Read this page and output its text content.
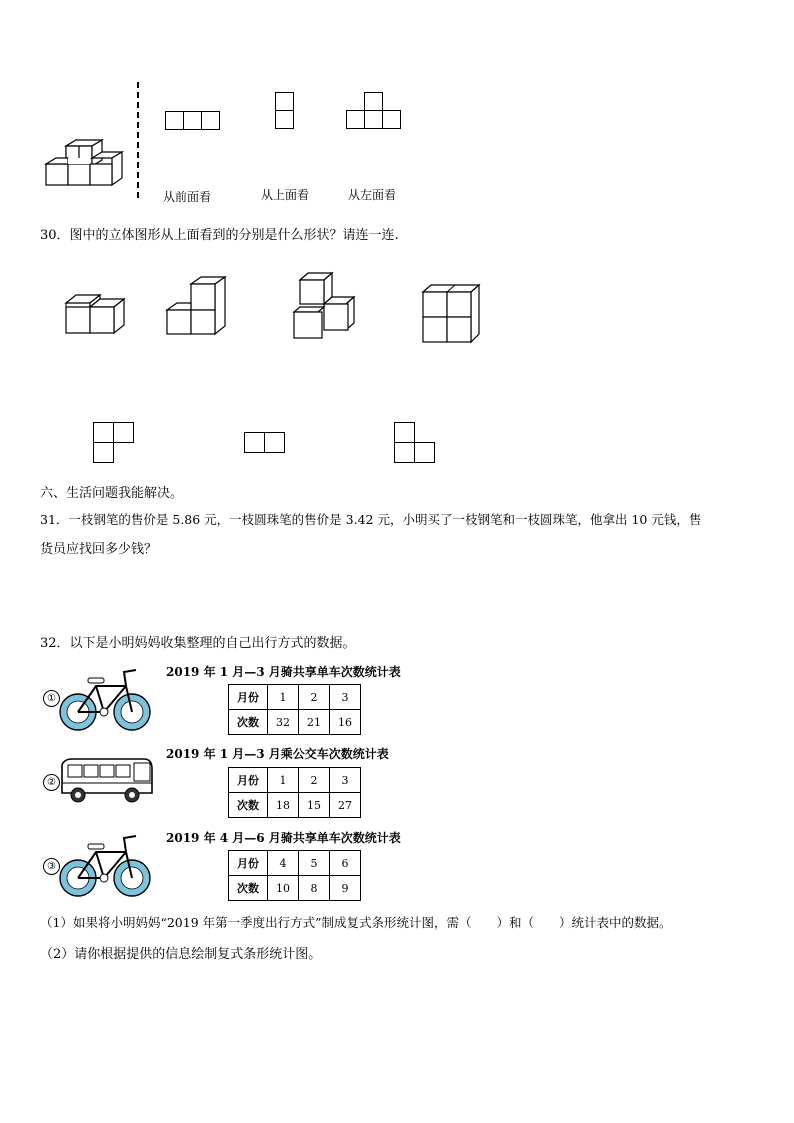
从前面看	从上面看	从左面看
30．图中的立体图形从上面看到的分别是什么形状？请连一连.
六、生活问题我能解决。
31．一枝钢笔的售价是 5.86 元，一枝圆珠笔的售价是 3.42 元，小明买了一枝钢笔和一枝圆珠笔，他拿出 10 元钱，售
货员应找回多少钱？
32．以下是小明妈妈收集整理的自己出行方式的数据。
①
2019 年 1 月—3 月骑共享单车次数统计表
月份	1	2	3
次数	32	21	16
②
2019 年 1 月—3 月乘公交车次数统计表
月份	1	2	3
次数	18	15	27
③
2019 年 4 月—6 月骑共享单车次数统计表
月份	4	5	6
次数	10	8	9
（1）如果将小明妈妈“2019 年第一季度出行方式”制成复式条形统计图，需（　　）和（　　）统计表中的数据。
（2）请你根据提供的信息绘制复式条形统计图。
